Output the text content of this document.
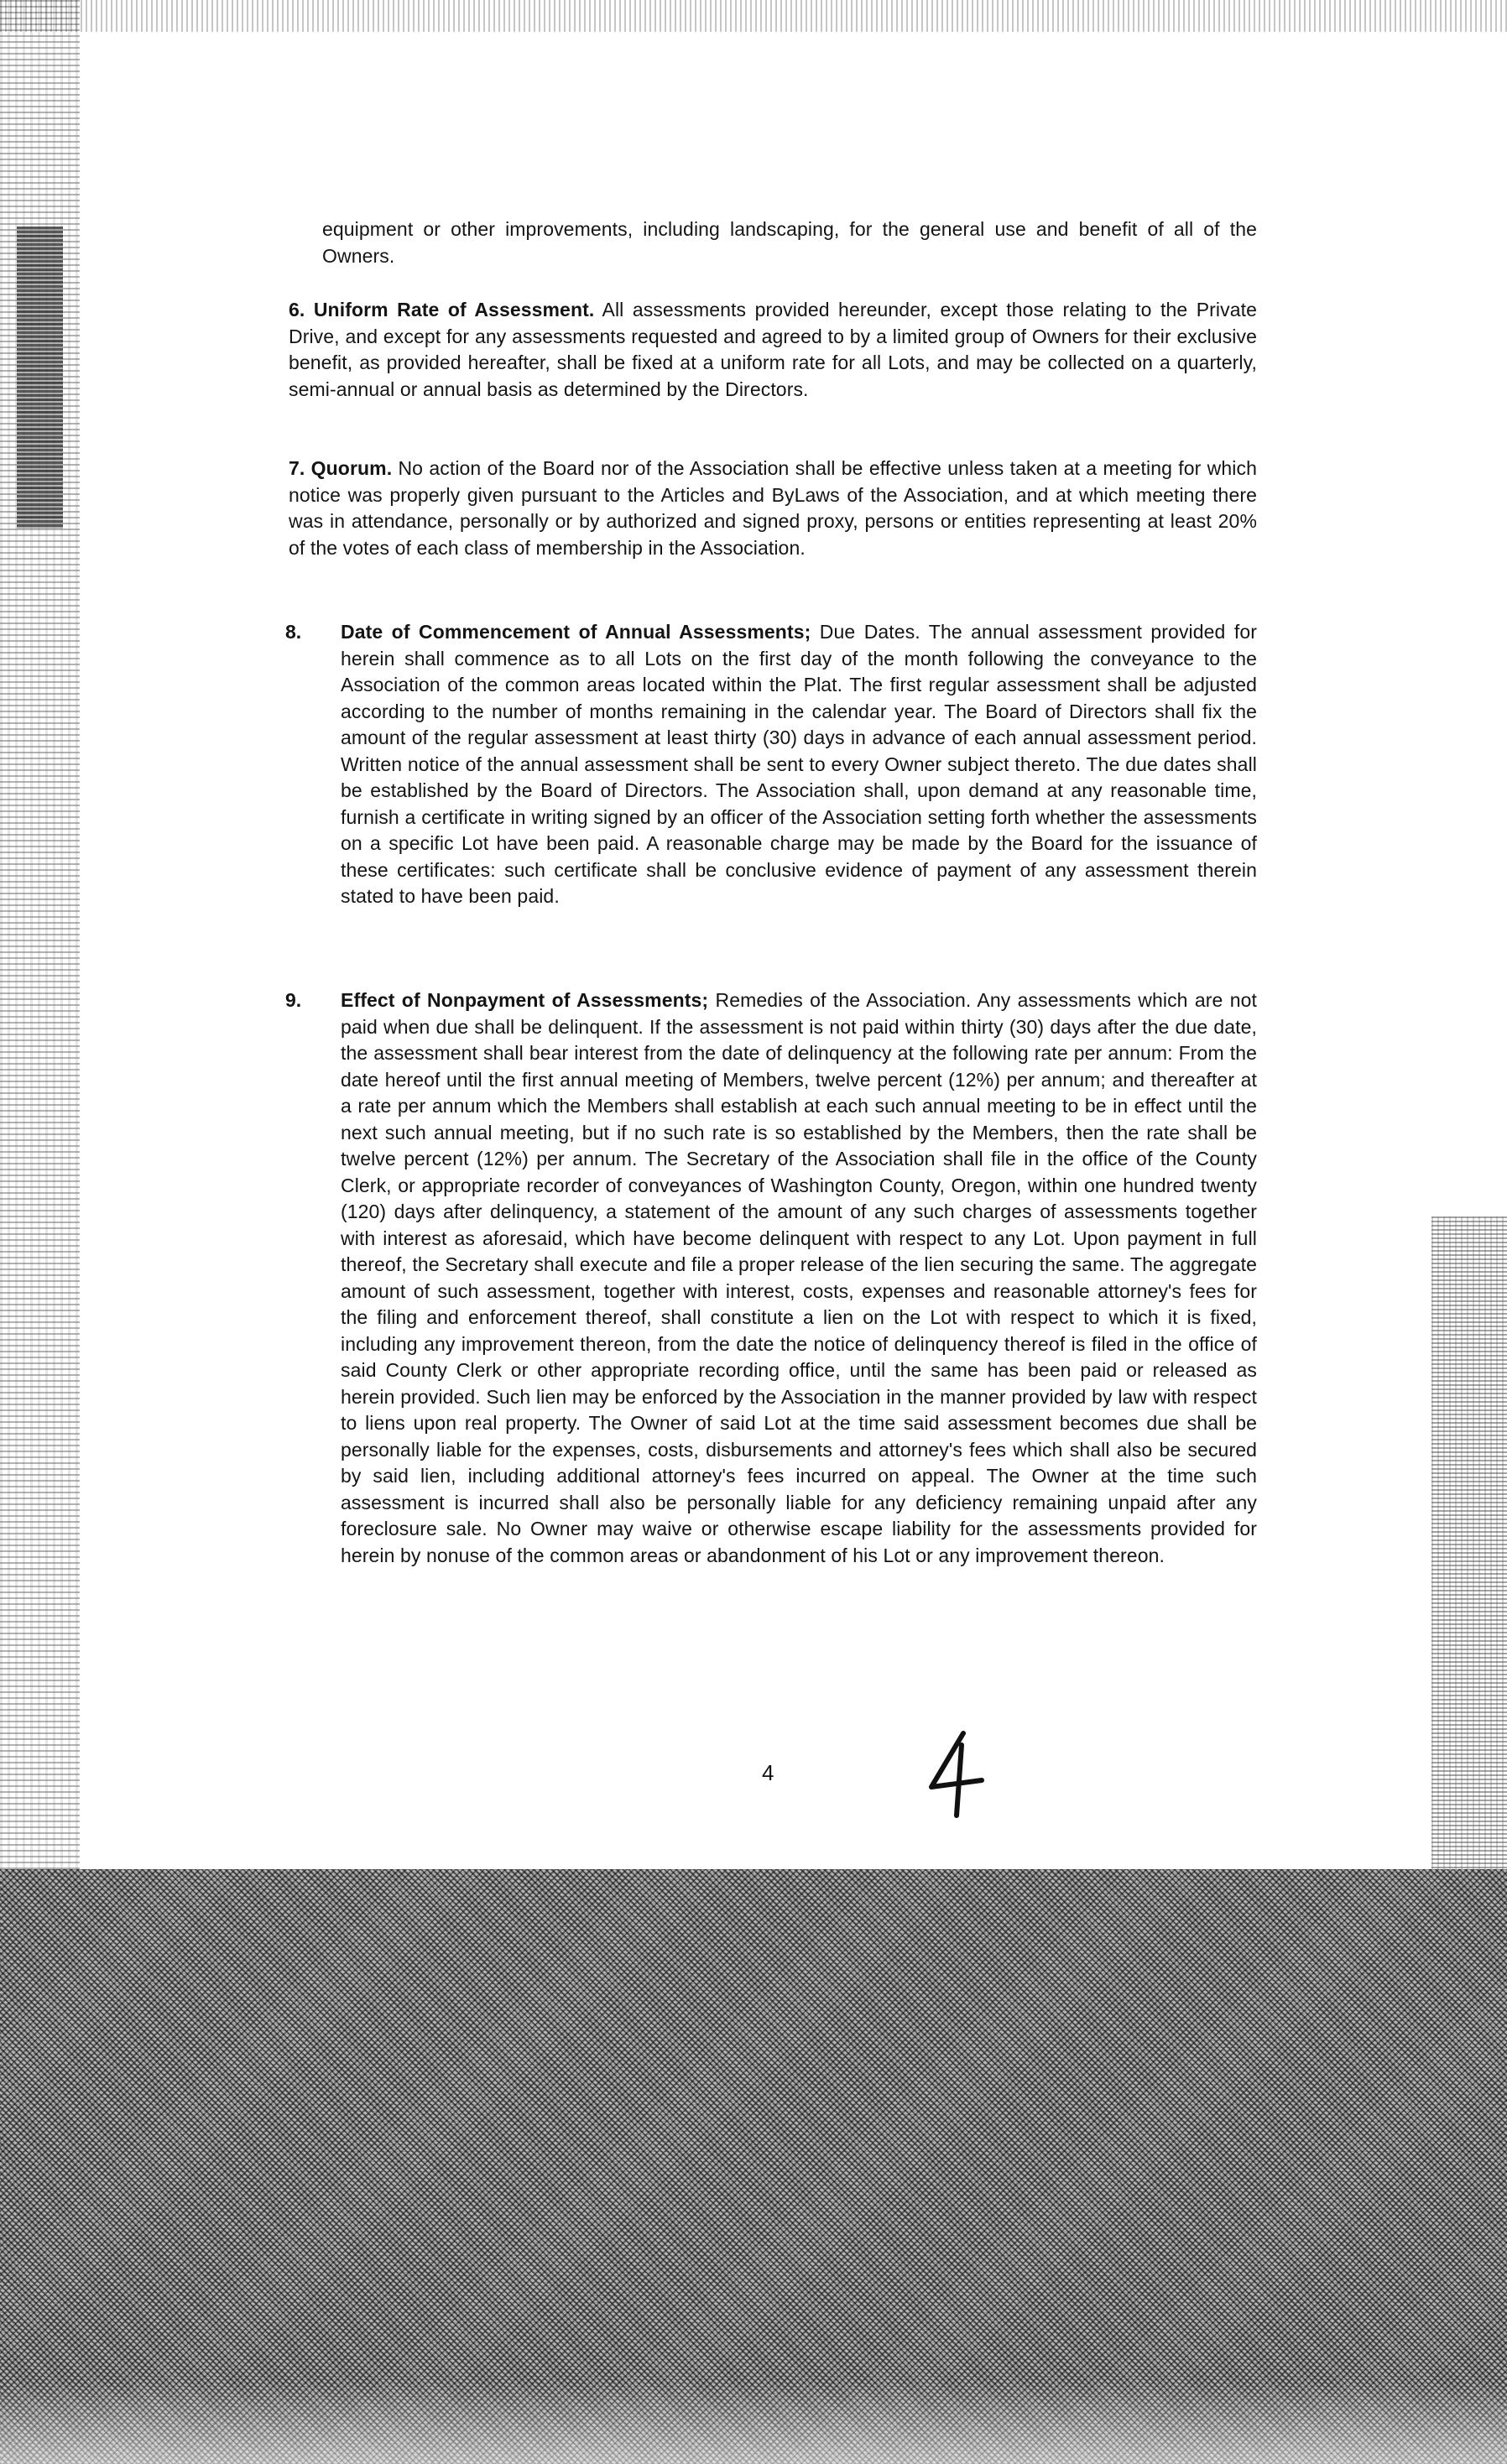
equipment or other improvements, including landscaping, for the general use and benefit of all of the Owners.
6. Uniform Rate of Assessment. All assessments provided hereunder, except those relating to the Private Drive, and except for any assessments requested and agreed to by a limited group of Owners for their exclusive benefit, as provided hereafter, shall be fixed at a uniform rate for all Lots, and may be collected on a quarterly, semi-annual or annual basis as determined by the Directors.
7. Quorum. No action of the Board nor of the Association shall be effective unless taken at a meeting for which notice was properly given pursuant to the Articles and ByLaws of the Association, and at which meeting there was in attendance, personally or by authorized and signed proxy, persons or entities representing at least 20% of the votes of each class of membership in the Association.
8. Date of Commencement of Annual Assessments; Due Dates. The annual assessment provided for herein shall commence as to all Lots on the first day of the month following the conveyance to the Association of the common areas located within the Plat. The first regular assessment shall be adjusted according to the number of months remaining in the calendar year. The Board of Directors shall fix the amount of the regular assessment at least thirty (30) days in advance of each annual assessment period. Written notice of the annual assessment shall be sent to every Owner subject thereto. The due dates shall be established by the Board of Directors. The Association shall, upon demand at any reasonable time, furnish a certificate in writing signed by an officer of the Association setting forth whether the assessments on a specific Lot have been paid. A reasonable charge may be made by the Board for the issuance of these certificates: such certificate shall be conclusive evidence of payment of any assessment therein stated to have been paid.
9. Effect of Nonpayment of Assessments; Remedies of the Association. Any assessments which are not paid when due shall be delinquent. If the assessment is not paid within thirty (30) days after the due date, the assessment shall bear interest from the date of delinquency at the following rate per annum: From the date hereof until the first annual meeting of Members, twelve percent (12%) per annum; and thereafter at a rate per annum which the Members shall establish at each such annual meeting to be in effect until the next such annual meeting, but if no such rate is so established by the Members, then the rate shall be twelve percent (12%) per annum. The Secretary of the Association shall file in the office of the County Clerk, or appropriate recorder of conveyances of Washington County, Oregon, within one hundred twenty (120) days after delinquency, a statement of the amount of any such charges of assessments together with interest as aforesaid, which have become delinquent with respect to any Lot. Upon payment in full thereof, the Secretary shall execute and file a proper release of the lien securing the same. The aggregate amount of such assessment, together with interest, costs, expenses and reasonable attorney's fees for the filing and enforcement thereof, shall constitute a lien on the Lot with respect to which it is fixed, including any improvement thereon, from the date the notice of delinquency thereof is filed in the office of said County Clerk or other appropriate recording office, until the same has been paid or released as herein provided. Such lien may be enforced by the Association in the manner provided by law with respect to liens upon real property. The Owner of said Lot at the time said assessment becomes due shall be personally liable for the expenses, costs, disbursements and attorney's fees which shall also be secured by said lien, including additional attorney's fees incurred on appeal. The Owner at the time such assessment is incurred shall also be personally liable for any deficiency remaining unpaid after any foreclosure sale. No Owner may waive or otherwise escape liability for the assessments provided for herein by nonuse of the common areas or abandonment of his Lot or any improvement thereon.
4
